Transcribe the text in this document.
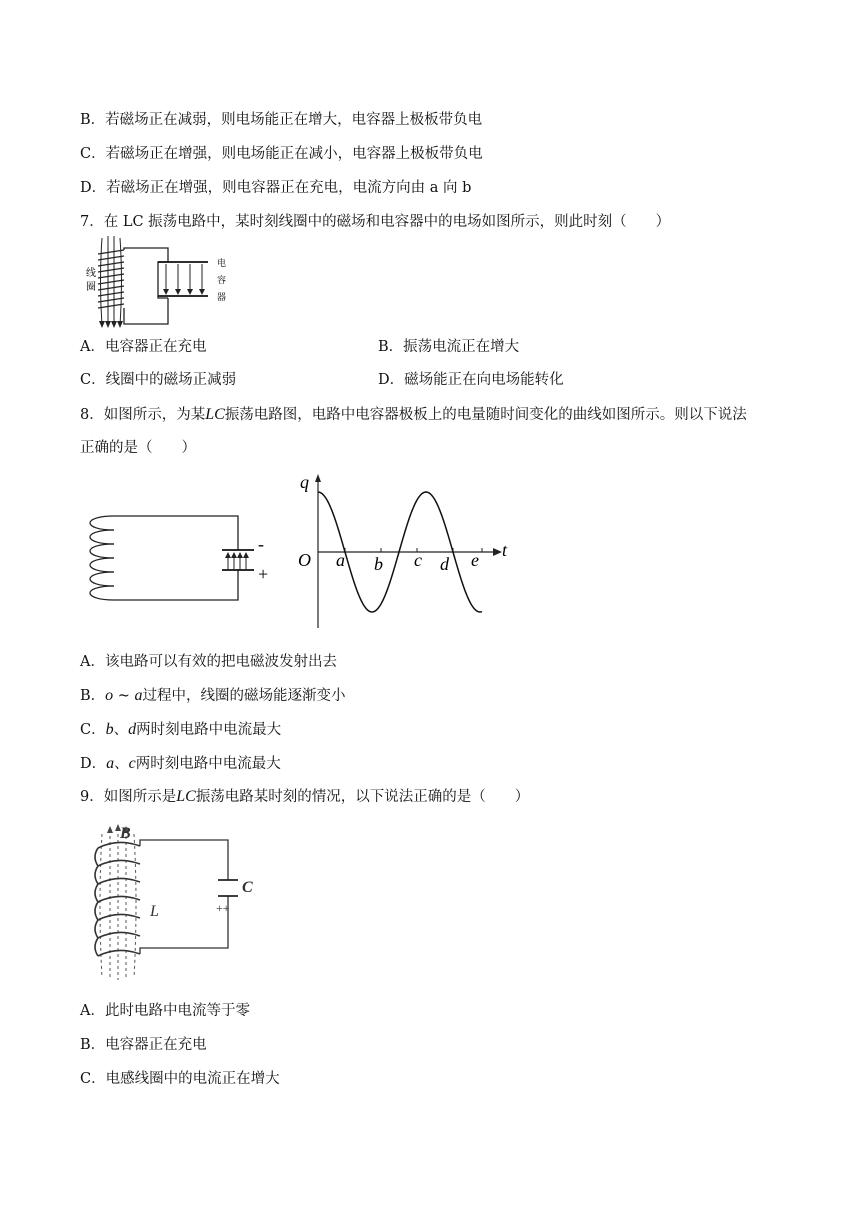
B．若磁场正在减弱，则电场能正在增大，电容器上极板带负电
C．若磁场正在增强，则电场能正在减小，电容器上极板带负电
D．若磁场正在增强，则电容器正在充电，电流方向由 a 向 b
7．在 LC 振荡电路中，某时刻线圈中的磁场和电容器中的电场如图所示，则此时刻（　　）
线
圈
电
容
器
A．电容器正在充电	B．振荡电流正在增大
C．线圈中的磁场正减弱	D．磁场能正在向电场能转化
8．如图所示，为某LC振荡电路图，电路中电容器极板上的电量随时间变化的曲线如图所示。则以下说法
正确的是（　　）
-
+
q
t
O a b c d e
A．该电路可以有效的把电磁波发射出去
B．o ~ a过程中，线圈的磁场能逐渐变小
C．b、d两时刻电路中电流最大
D．a、c两时刻电路中电流最大
9．如图所示是LC振荡电路某时刻的情况，以下说法正确的是（　　）
B
L
C
++
A．此时电路中电流等于零
B．电容器正在充电
C．电感线圈中的电流正在增大
